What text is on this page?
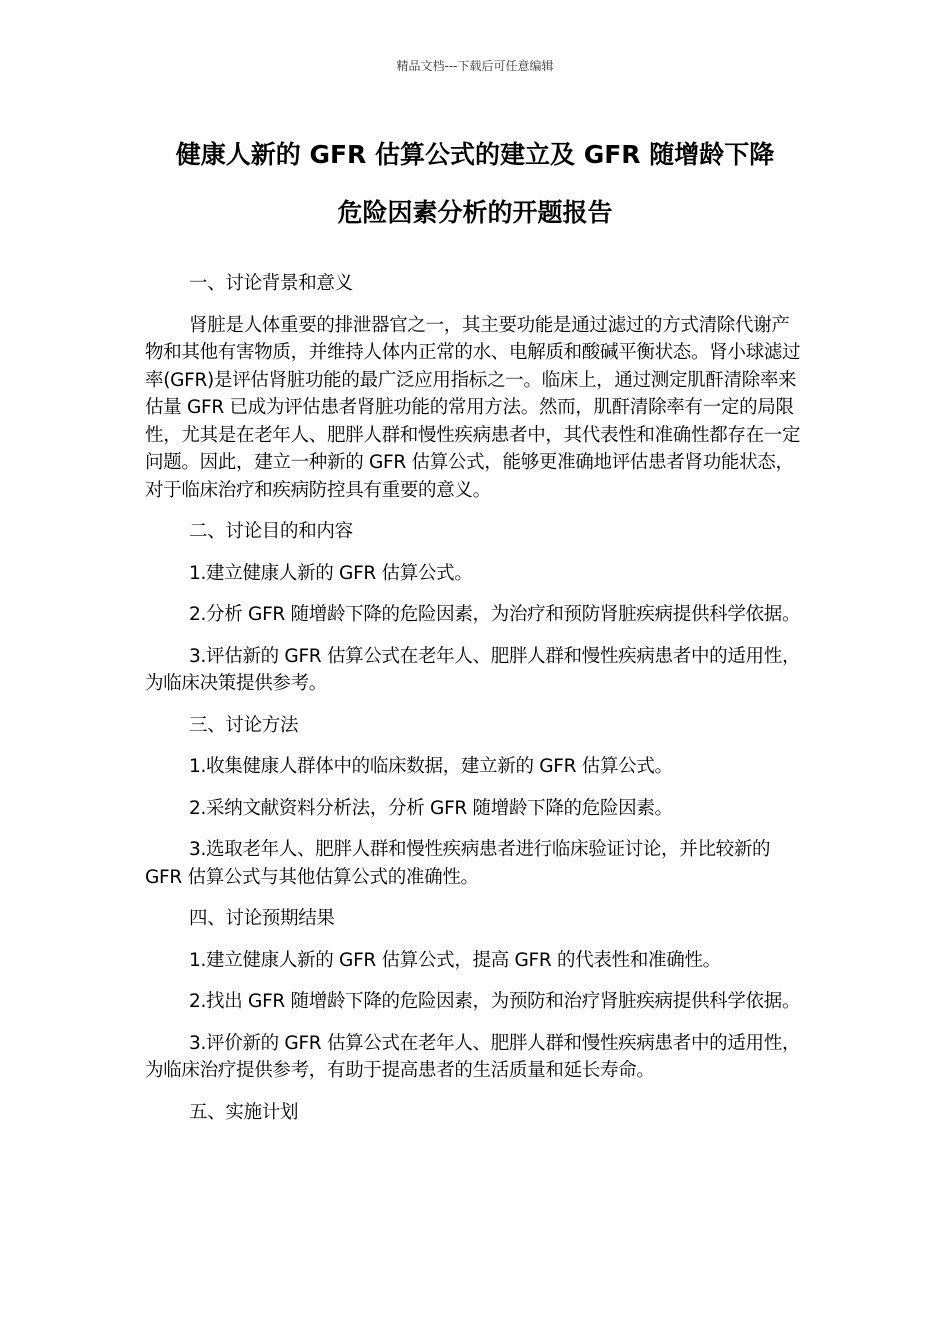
精品文档---下载后可任意编辑
健康人新的 GFR 估算公式的建立及 GFR 随增龄下降
危险因素分析的开题报告

一、讨论背景和意义

肾脏是人体重要的排泄器官之一，其主要功能是通过滤过的方式清除代谢产物和其他有害物质，并维持人体内正常的水、电解质和酸碱平衡状态。肾小球滤过率(GFR)是评估肾脏功能的最广泛应用指标之一。临床上，通过测定肌酐清除率来估量 GFR 已成为评估患者肾脏功能的常用方法。然而，肌酐清除率有一定的局限性，尤其是在老年人、肥胖人群和慢性疾病患者中，其代表性和准确性都存在一定问题。因此，建立一种新的 GFR 估算公式，能够更准确地评估患者肾功能状态，对于临床治疗和疾病防控具有重要的意义。

二、讨论目的和内容

1.建立健康人新的 GFR 估算公式。

2.分析 GFR 随增龄下降的危险因素，为治疗和预防肾脏疾病提供科学依据。

3.评估新的 GFR 估算公式在老年人、肥胖人群和慢性疾病患者中的适用性，为临床决策提供参考。

三、讨论方法

1.收集健康人群体中的临床数据，建立新的 GFR 估算公式。

2.采纳文献资料分析法，分析 GFR 随增龄下降的危险因素。

3.选取老年人、肥胖人群和慢性疾病患者进行临床验证讨论，并比较新的 GFR 估算公式与其他估算公式的准确性。

四、讨论预期结果

1.建立健康人新的 GFR 估算公式，提高 GFR 的代表性和准确性。

2.找出 GFR 随增龄下降的危险因素，为预防和治疗肾脏疾病提供科学依据。

3.评价新的 GFR 估算公式在老年人、肥胖人群和慢性疾病患者中的适用性，为临床治疗提供参考，有助于提高患者的生活质量和延长寿命。

五、实施计划
